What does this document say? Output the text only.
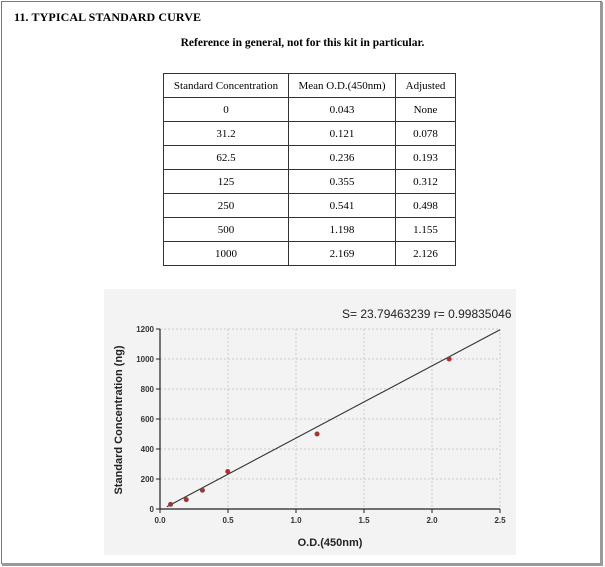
11. TYPICAL STANDARD CURVE
Reference in general, not for this kit in particular.
Standard Concentration	Mean O.D.(450nm)	Adjusted
0	0.043	None
31.2	0.121	0.078
62.5	0.236	0.193
125	0.355	0.312
250	0.541	0.498
500	1.198	1.155
1000	2.169	2.126
0
200
400
600
800
1000
1200
0.0	0.5	1.0	1.5	2.0	2.5
S= 23.79463239 r= 0.99835046
O.D.(450nm)
Standard Concentration (ng)
